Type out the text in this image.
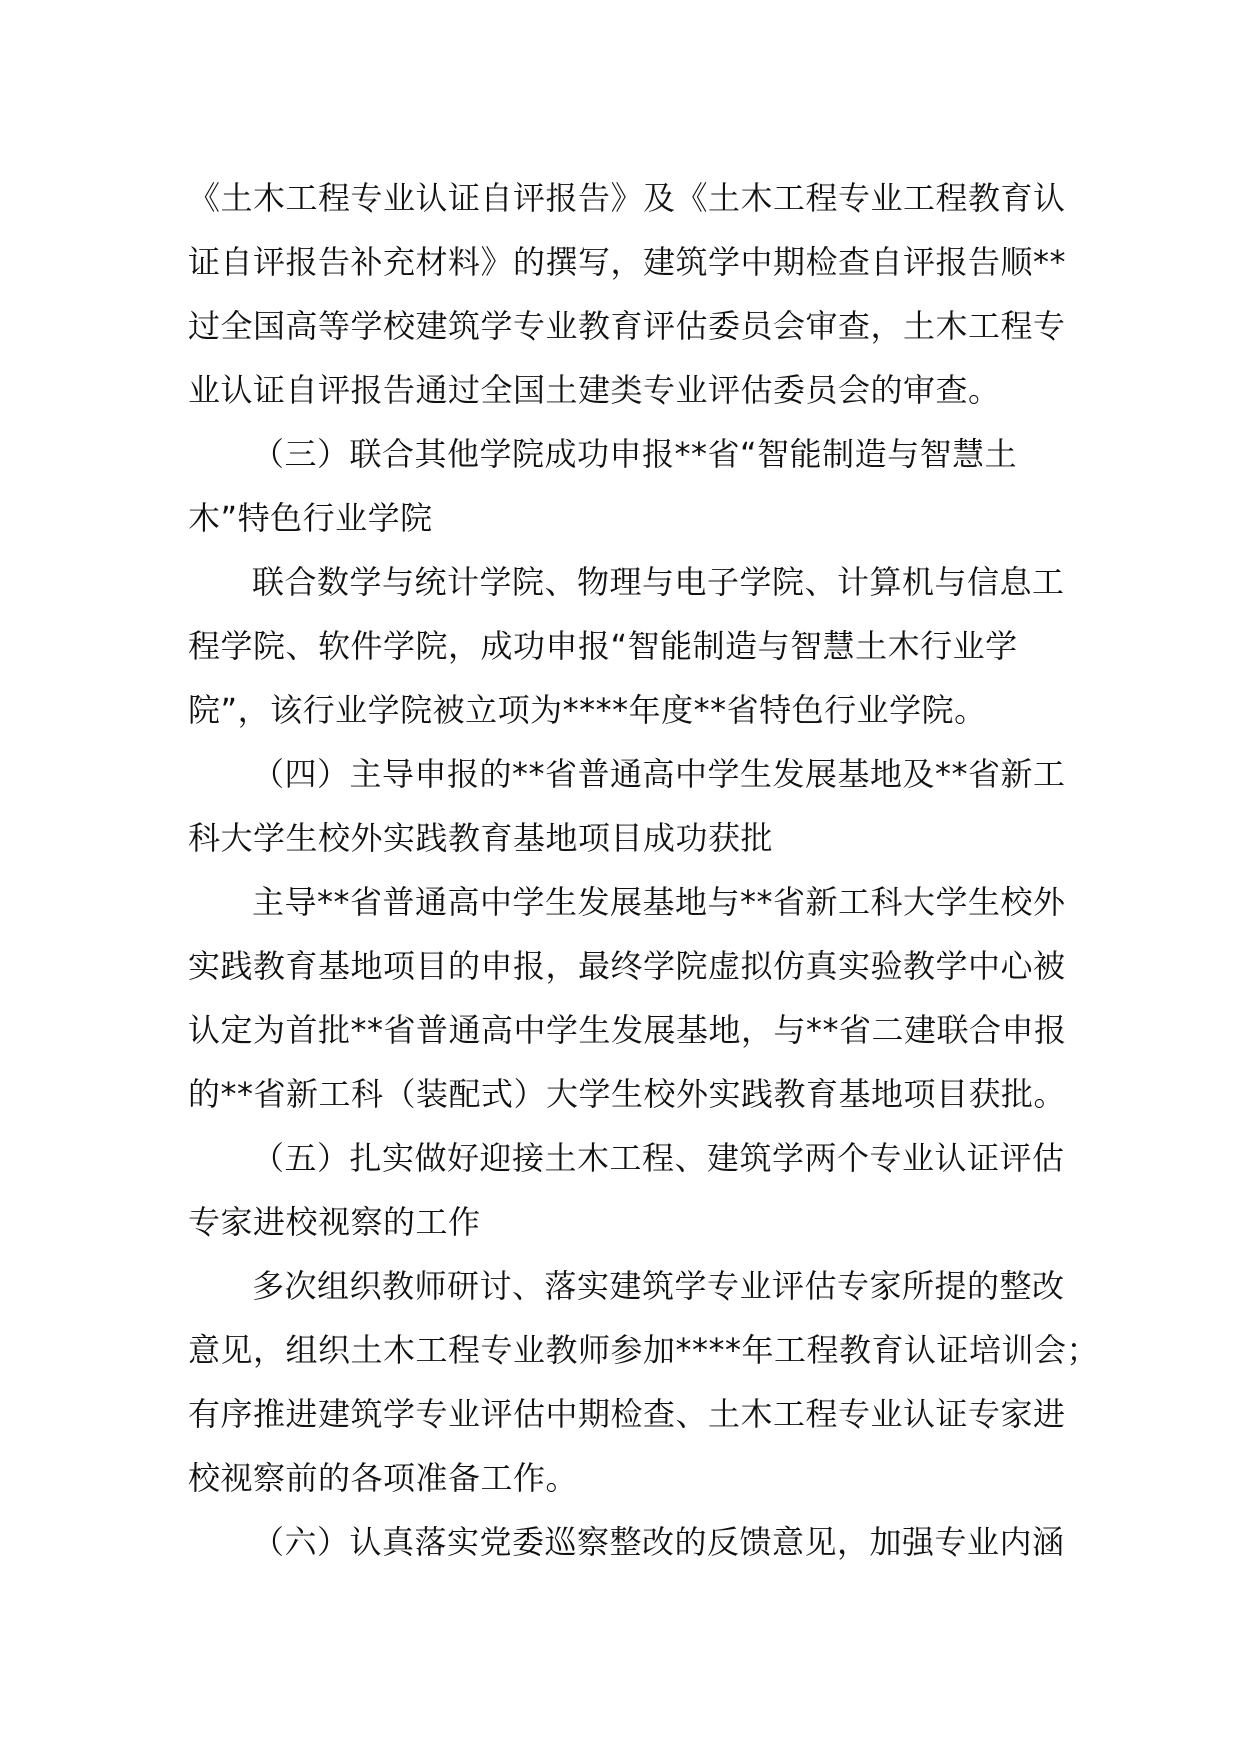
《土木工程专业认证自评报告》及《土木工程专业工程教育认
证自评报告补充材料》的撰写，建筑学中期检查自评报告顺**
过全国高等学校建筑学专业教育评估委员会审查，土木工程专
业认证自评报告通过全国土建类专业评估委员会的审查。
（三）联合其他学院成功申报**省“智能制造与智慧土
木”特色行业学院
联合数学与统计学院、物理与电子学院、计算机与信息工
程学院、软件学院，成功申报“智能制造与智慧土木行业学
院”，该行业学院被立项为****年度**省特色行业学院。
（四）主导申报的**省普通高中学生发展基地及**省新工
科大学生校外实践教育基地项目成功获批
主导**省普通高中学生发展基地与**省新工科大学生校外
实践教育基地项目的申报，最终学院虚拟仿真实验教学中心被
认定为首批**省普通高中学生发展基地，与**省二建联合申报
的**省新工科（装配式）大学生校外实践教育基地项目获批。
（五）扎实做好迎接土木工程、建筑学两个专业认证评估
专家进校视察的工作
多次组织教师研讨、落实建筑学专业评估专家所提的整改
意见，组织土木工程专业教师参加****年工程教育认证培训会；
有序推进建筑学专业评估中期检查、土木工程专业认证专家进
校视察前的各项准备工作。
（六）认真落实党委巡察整改的反馈意见，加强专业内涵
